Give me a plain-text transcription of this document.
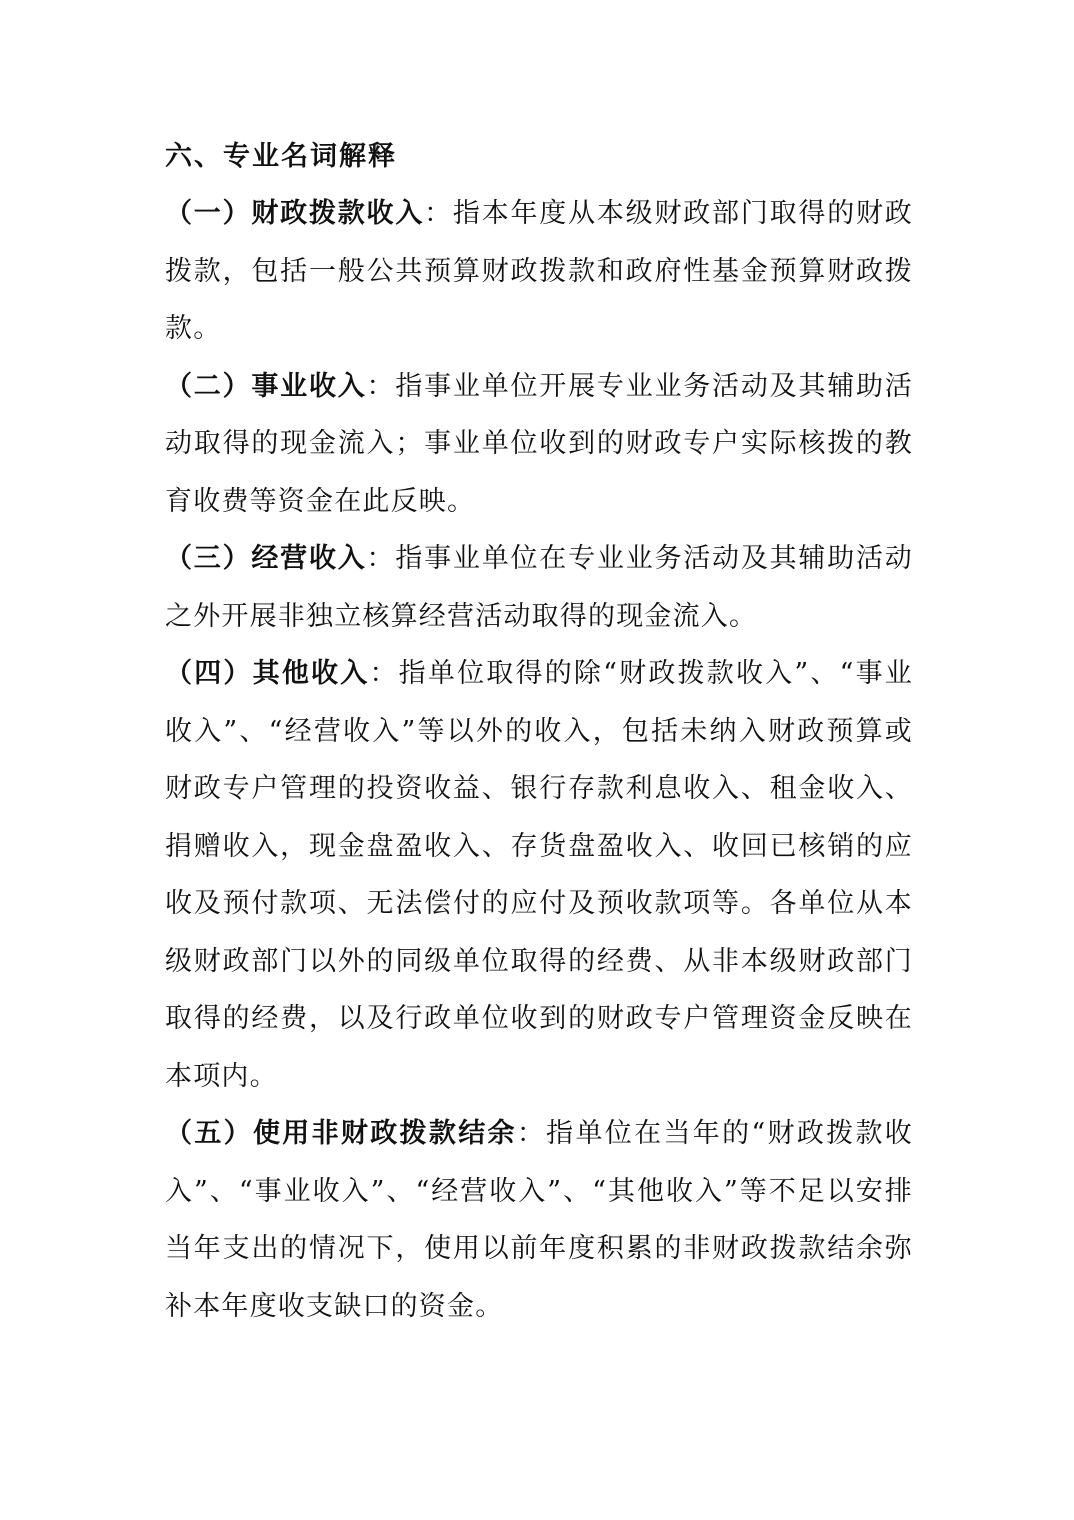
六、专业名词解释

（一）财政拨款收入：指本年度从本级财政部门取得的财政拨款，包括一般公共预算财政拨款和政府性基金预算财政拨款。

（二）事业收入：指事业单位开展专业业务活动及其辅助活动取得的现金流入；事业单位收到的财政专户实际核拨的教育收费等资金在此反映。

（三）经营收入：指事业单位在专业业务活动及其辅助活动之外开展非独立核算经营活动取得的现金流入。

（四）其他收入：指单位取得的除“财政拨款收入”、“事业收入”、“经营收入”等以外的收入，包括未纳入财政预算或财政专户管理的投资收益、银行存款利息收入、租金收入、捐赠收入，现金盘盈收入、存货盘盈收入、收回已核销的应收及预付款项、无法偿付的应付及预收款项等。各单位从本级财政部门以外的同级单位取得的经费、从非本级财政部门取得的经费，以及行政单位收到的财政专户管理资金反映在本项内。

（五）使用非财政拨款结余：指单位在当年的“财政拨款收入”、“事业收入”、“经营收入”、“其他收入”等不足以安排当年支出的情况下，使用以前年度积累的非财政拨款结余弥补本年度收支缺口的资金。
